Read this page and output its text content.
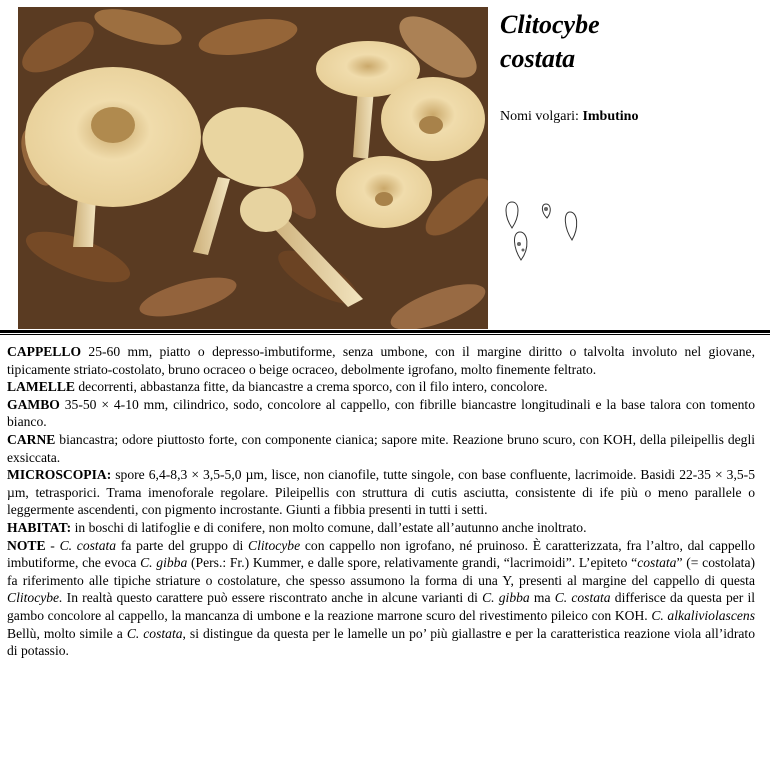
Clitocybe
costata
Nomi volgari: Imbutino

CAPPELLO 25-60 mm, piatto o depresso-imbutiforme, senza umbone, con il margine diritto o talvolta involuto nel giovane, tipicamente striato-costolato, bruno ocraceo o beige ocraceo, debolmente igrofano, molto finemente feltrato.

LAMELLE decorrenti, abbastanza fitte, da biancastre a crema sporco, con il filo intero, concolore.

GAMBO 35-50 × 4-10 mm, cilindrico, sodo, concolore al cappello, con fibrille biancastre longitudinali e la base talora con tomento bianco.

CARNE biancastra; odore piuttosto forte, con componente cianica; sapore mite. Reazione bruno scuro, con KOH, della pileipellis degli exsiccata.

MICROSCOPIA: spore 6,4-8,3 × 3,5-5,0 µm, lisce, non cianofile, tutte singole, con base confluente, lacrimoide. Basidi 22-35 × 3,5-5 µm, tetrasporici. Trama imenoforale regolare. Pileipellis con struttura di cutis asciutta, consistente di ife più o meno parallele o leggermente ascendenti, con pigmento incrostante. Giunti a fibbia presenti in tutti i setti.

HABITAT: in boschi di latifoglie e di conifere, non molto comune, dall’estate all’autunno anche inoltrato.

NOTE - C. costata fa parte del gruppo di Clitocybe con cappello non igrofano, né pruinoso. È caratterizzata, fra l’altro, dal cappello imbutiforme, che evoca C. gibba (Pers.: Fr.) Kummer, e dalle spore, relativamente grandi, “lacrimoidi”. L’epiteto “costata” (= costolata) fa riferimento alle tipiche striature o costolature, che spesso assumono la forma di una Y, presenti al margine del cappello di questa Clitocybe. In realtà questo carattere può essere riscontrato anche in alcune varianti di C. gibba ma C. costata differisce da questa per il gambo concolore al cappello, la mancanza di umbone e la reazione marrone scuro del rivestimento pileico con KOH. C. alkaliviolascens Bellù, molto simile a C. costata, si distingue da questa per le lamelle un po’ più giallastre e per la caratteristica reazione viola all’idrato di potassio.
